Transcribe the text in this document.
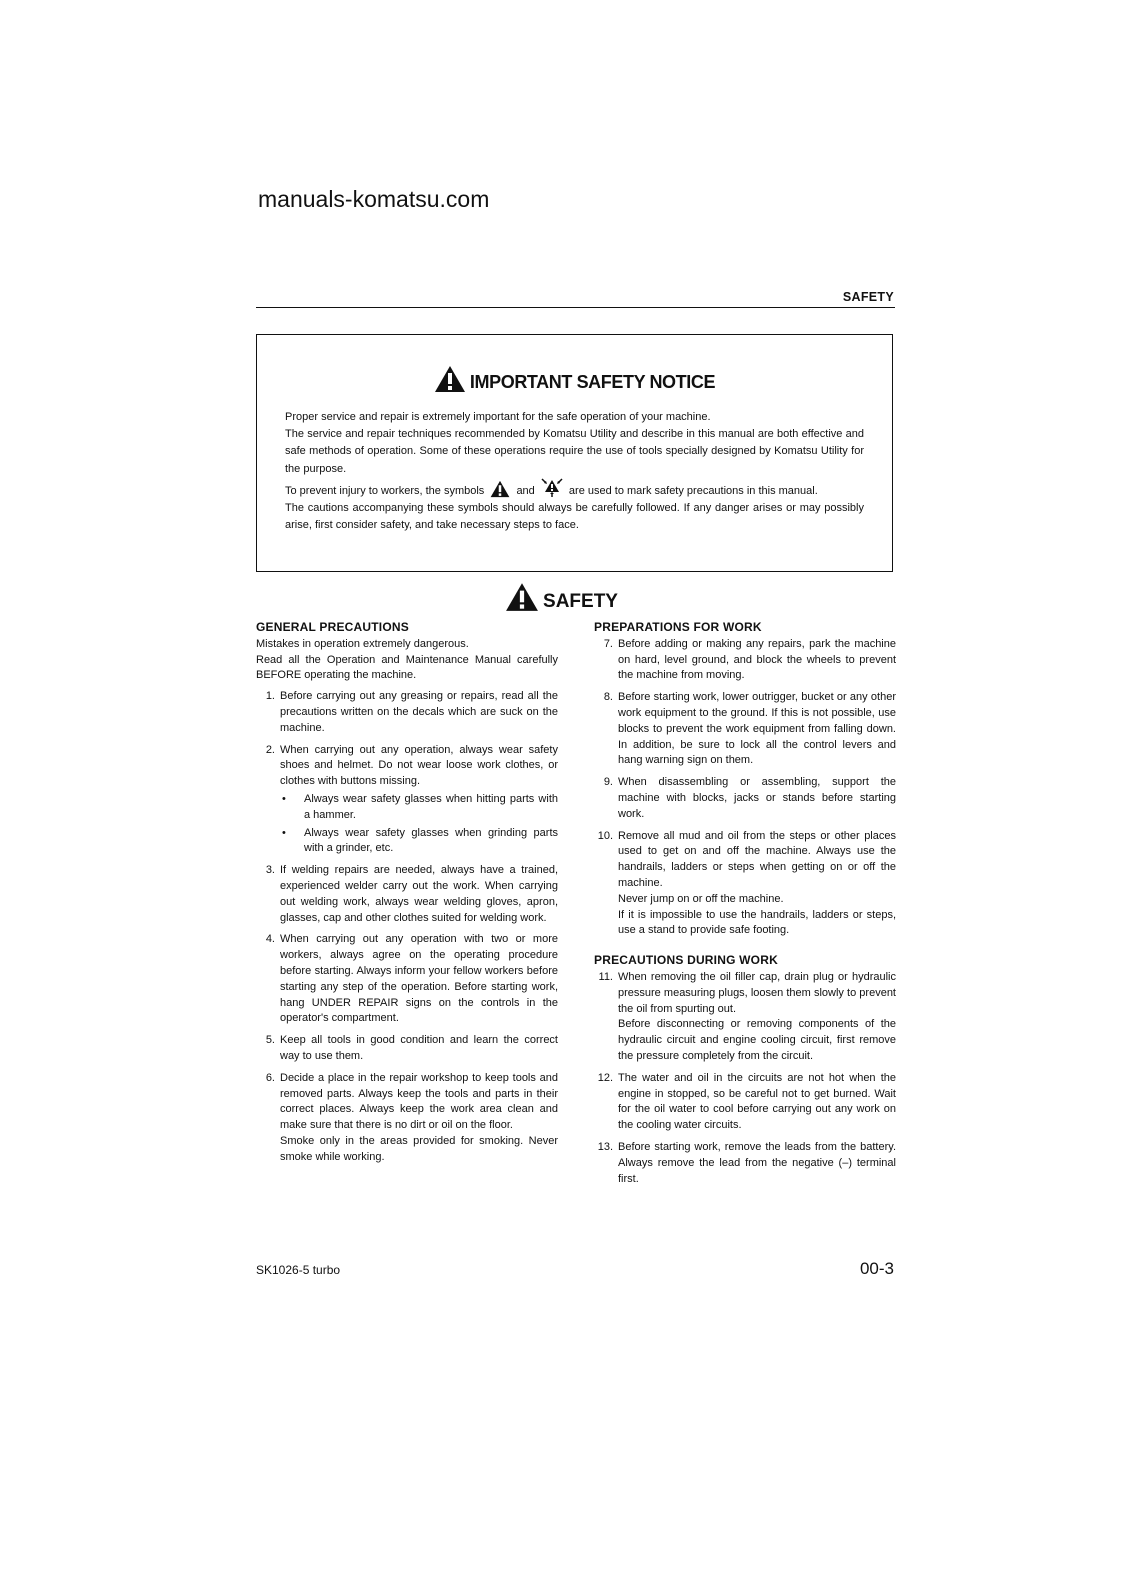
manuals-komatsu.com
SAFETY
IMPORTANT SAFETY NOTICE

Proper service and repair is extremely important for the safe operation of your machine.

The service and repair techniques recommended by Komatsu Utility and describe in this manual are both effective and safe methods of operation. Some of these operations require the use of tools specially designed by Komatsu Utility for the purpose.

To prevent injury to workers, the symbols	and	are used to mark safety precautions in this manual.

The cautions accompanying these symbols should always be carefully followed. If any danger arises or may possibly arise, first consider safety, and take necessary steps to face.

SAFETY
GENERAL PRECAUTIONS
Mistakes in operation extremely dangerous.
Read all the Operation and Maintenance Manual carefully BEFORE operating the machine.
1. Before carrying out any greasing or repairs, read all the precautions written on the decals which are suck on the machine.
2. When carrying out any operation, always wear safety shoes and helmet. Do not wear loose work clothes, or clothes with buttons missing.
• Always wear safety glasses when hitting parts with a hammer.
• Always wear safety glasses when grinding parts with a grinder, etc.
3. If welding repairs are needed, always have a trained, experienced welder carry out the work. When carrying out welding work, always wear welding gloves, apron, glasses, cap and other clothes suited for welding work.
4. When carrying out any operation with two or more workers, always agree on the operating procedure before starting. Always inform your fellow workers before starting any step of the operation. Before starting work, hang UNDER REPAIR signs on the controls in the operator's compartment.
5. Keep all tools in good condition and learn the correct way to use them.
6. Decide a place in the repair workshop to keep tools and removed parts. Always keep the tools and parts in their correct places. Always keep the work area clean and make sure that there is no dirt or oil on the floor.
Smoke only in the areas provided for smoking. Never smoke while working.
PREPARATIONS FOR WORK
7. Before adding or making any repairs, park the machine on hard, level ground, and block the wheels to prevent the machine from moving.
8. Before starting work, lower outrigger, bucket or any other work equipment to the ground. If this is not possible, use blocks to prevent the work equipment from falling down. In addition, be sure to lock all the control levers and hang warning sign on them.
9. When disassembling or assembling, support the machine with blocks, jacks or stands before starting work.
10. Remove all mud and oil from the steps or other places used to get on and off the machine. Always use the handrails, ladders or steps when getting on or off the machine.
Never jump on or off the machine.
If it is impossible to use the handrails, ladders or steps, use a stand to provide safe footing.
PRECAUTIONS DURING WORK
11. When removing the oil filler cap, drain plug or hydraulic pressure measuring plugs, loosen them slowly to prevent the oil from spurting out.
Before disconnecting or removing components of the hydraulic circuit and engine cooling circuit, first remove the pressure completely from the circuit.
12. The water and oil in the circuits are not hot when the engine in stopped, so be careful not to get burned. Wait for the oil water to cool before carrying out any work on the cooling water circuits.
13. Before starting work, remove the leads from the battery. Always remove the lead from the negative (–) terminal first.
SK1026-5 turbo	00-3
